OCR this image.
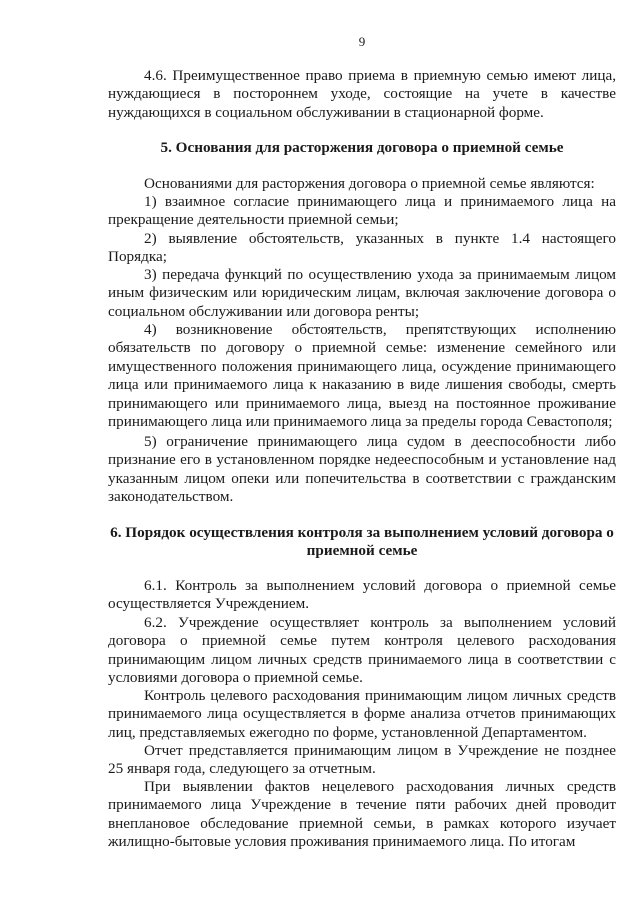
9

4.6. Преимущественное право приема в приемную семью имеют лица, нуждающиеся в постороннем уходе, состоящие на учете в качестве нуждающихся в социальном обслуживании в стационарной форме.

5. Основания для расторжения договора о приемной семье

Основаниями для расторжения договора о приемной семье являются:

1) взаимное согласие принимающего лица и принимаемого лица на прекращение деятельности приемной семьи;

2) выявление обстоятельств, указанных в пункте 1.4 настоящего Порядка;

3) передача функций по осуществлению ухода за принимаемым лицом иным физическим или юридическим лицам, включая заключение договора о социальном обслуживании или договора ренты;

4) возникновение обстоятельств, препятствующих исполнению обязательств по договору о приемной семье: изменение семейного или имущественного положения принимающего лица, осуждение принимающего лица или принимаемого лица к наказанию в виде лишения свободы, смерть принимающего или принимаемого лица, выезд на постоянное проживание принимающего лица или принимаемого лица за пределы города Севастополя;

5) ограничение принимающего лица судом в дееспособности либо признание его в установленном порядке недееспособным и установление над указанным лицом опеки или попечительства в соответствии с гражданским законодательством.

6. Порядок осуществления контроля за выполнением условий договора о приемной семье

6.1. Контроль за выполнением условий договора о приемной семье осуществляется Учреждением.

6.2. Учреждение осуществляет контроль за выполнением условий договора о приемной семье путем контроля целевого расходования принимающим лицом личных средств принимаемого лица в соответствии с условиями договора о приемной семье.

Контроль целевого расходования принимающим лицом личных средств принимаемого лица осуществляется в форме анализа отчетов принимающих лиц, представляемых ежегодно по форме, установленной Департаментом.

Отчет представляется принимающим лицом в Учреждение не позднее 25 января года, следующего за отчетным.

При выявлении фактов нецелевого расходования личных средств принимаемого лица Учреждение в течение пяти рабочих дней проводит внеплановое обследование приемной семьи, в рамках которого изучает жилищно-бытовые условия проживания принимаемого лица. По итогам
